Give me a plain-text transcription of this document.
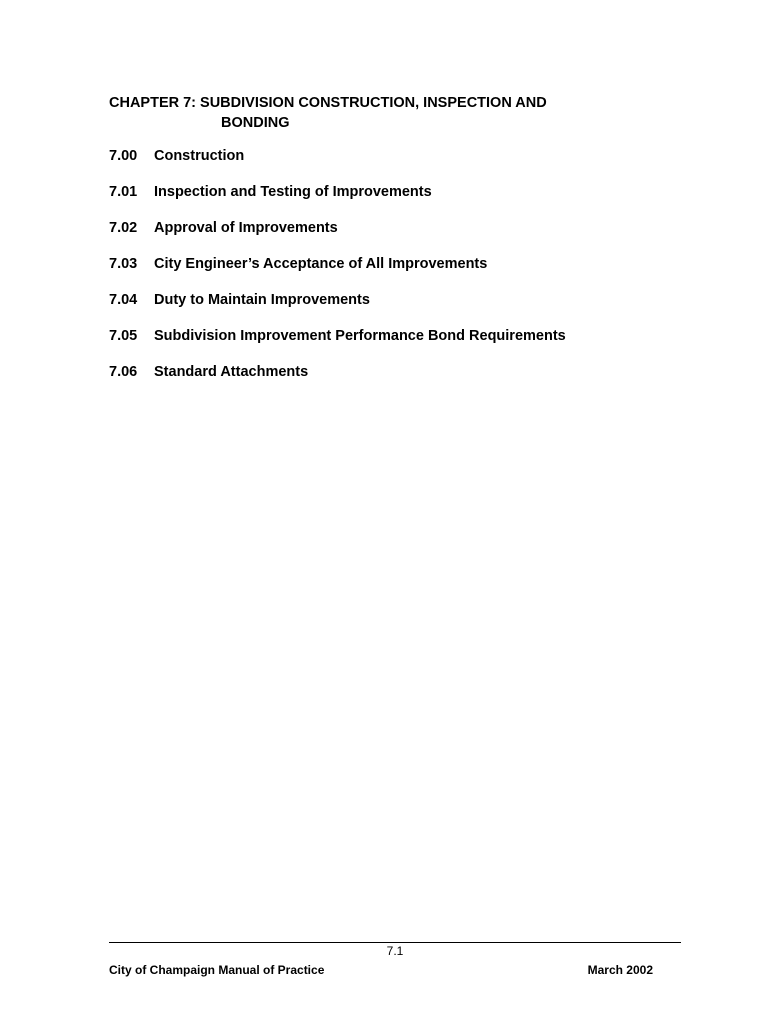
CHAPTER 7: SUBDIVISION CONSTRUCTION, INSPECTION AND
BONDING
7.00 Construction
7.01 Inspection and Testing of Improvements
7.02 Approval of Improvements
7.03 City Engineer’s Acceptance of All Improvements
7.04 Duty to Maintain Improvements
7.05 Subdivision Improvement Performance Bond Requirements
7.06 Standard Attachments
7.1
City of Champaign Manual of Practice	March 2002
